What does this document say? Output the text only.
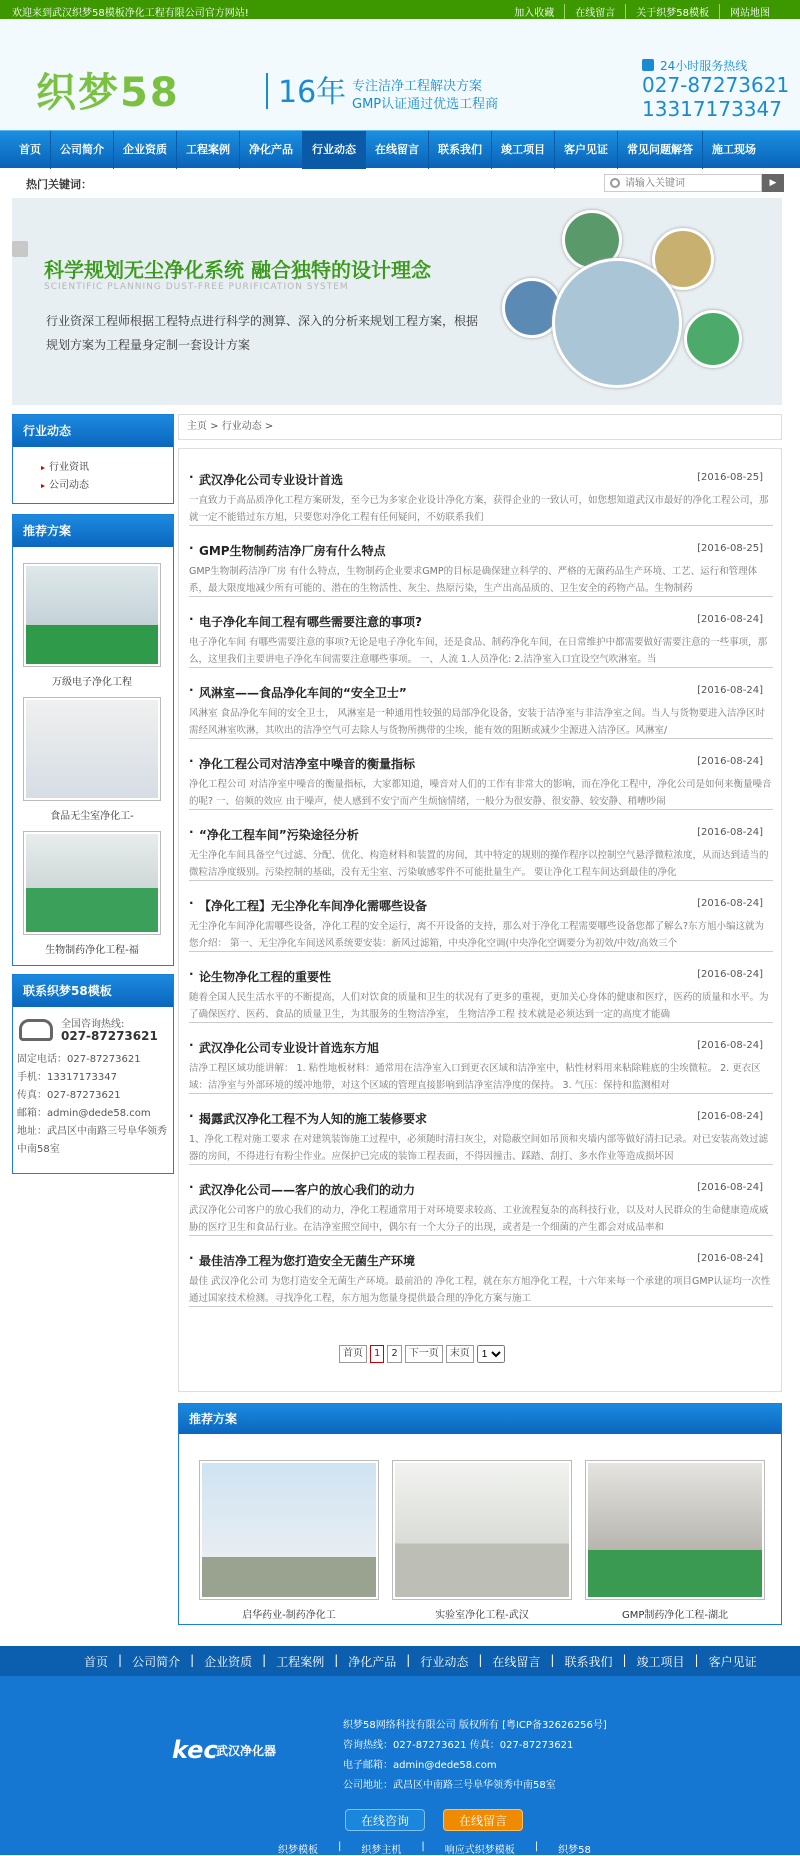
欢迎来到武汉织梦58模板净化工程有限公司官方网站!	加入收藏	在线留言	关于织梦58模板	网站地图
织梦58	16年 专注洁净工程解决方案
GMP认证通过优选工程商
24小时服务热线
027-87273621
13317173347
首页	公司简介	企业资质	工程案例	净化产品	行业动态	在线留言	联系我们	竣工项目	客户见证	常见问题解答	施工现场
热门关键词：
请输入关键词	▶
科学规划无尘净化系统 融合独特的设计理念
SCIENTIFIC PLANNING DUST-FREE PURIFICATION SYSTEM
行业资深工程师根据工程特点进行科学的测算、深入的分析来规划工程方案，根据
规划方案为工程量身定制一套设计方案
行业动态
行业资讯
公司动态
推荐方案
万级电子净化工程
食品无尘室净化工-
生物制药净化工程-福
联系织梦58模板
全国咨询热线:
027-87273621
固定电话：027-87273621
手机：13317173347
传真：027-87273621
邮箱：admin@dede58.com
地址：武昌区中南路三号阜华领秀
中南58室
主页 > 行业动态 >
· 武汉净化公司专业设计首选	[2016-08-25]
一直致力于高品质净化工程方案研发，至今已为多家企业设计净化方案，获得企业的一致认可，如您想知道武汉市最好的净化工程公司，那就一定不能错过东方旭，只要您对净化工程有任何疑问，不妨联系我们
· GMP生物制药洁净厂房有什么特点	[2016-08-25]
GMP生物制药洁净厂房 有什么特点，生物制药企业要求GMP的目标是确保建立科学的、严格的无菌药品生产环境、工艺、运行和管理体系，最大限度地减少所有可能的、潜在的生物活性、灰尘、热原污染，生产出高品质的、卫生安全的药物产品。生物制药
· 电子净化车间工程有哪些需要注意的事项?	[2016-08-24]
电子净化车间 有哪些需要注意的事项?无论是电子净化车间，还是食品、制药净化车间，在日常维护中都需要做好需要注意的一些事项，那么，这里我们主要讲电子净化车间需要注意哪些事项。 一、人流 1.人员净化: 2.洁净室入口宜设空气吹淋室。当
· 风淋室——食品净化车间的“安全卫士”	[2016-08-24]
风淋室 食品净化车间的安全卫士， 风淋室是一种通用性较强的局部净化设备，安装于洁净室与非洁净室之间。当人与货物要进入洁净区时需经风淋室吹淋，其吹出的洁净空气可去除人与货物所携带的尘埃，能有效的阻断或减少尘源进入洁净区。风淋室/
· 净化工程公司对洁净室中噪音的衡量指标	[2016-08-24]
净化工程公司 对洁净室中噪音的衡量指标，大家都知道，噪音对人们的工作有非常大的影响，而在净化工程中，净化公司是如何来衡量噪音的呢? 一、倍频的效应 由于噪声，使人感到不安宁而产生烦恼情绪，一般分为很安静、很安静、较安静、稍嘈吵闹
· “净化工程车间”污染途径分析	[2016-08-24]
无尘净化车间具备空气过滤、分配、优化、构造材料和装置的房间，其中特定的规则的操作程序以控制空气悬浮微粒浓度，从而达到适当的微粒洁净度级别。污染控制的基础，没有无尘室、污染敏感零件不可能批量生产。 要让净化工程车间达到最佳的净化
· 【净化工程】无尘净化车间净化需哪些设备	[2016-08-24]
无尘净化车间净化需哪些设备，净化工程的安全运行，离不开设备的支持，那么对于净化工程需要哪些设备您都了解么?东方旭小编这就为您介绍： 第一、无尘净化车间送风系统要安装：新风过滤箱，中央净化空调(中央净化空调要分为初效/中效/高效三个
· 论生物净化工程的重要性	[2016-08-24]
随着全国人民生活水平的不断提高，人们对饮食的质量和卫生的状况有了更多的重视，更加关心身体的健康和医疗，医药的质量和水平。为了确保医疗、医药、食品的质量卫生，为其服务的生物洁净室， 生物洁净工程 技术就是必须达到一定的高度才能确
· 武汉净化公司专业设计首选东方旭	[2016-08-24]
洁净工程区域功能讲解： 1. 粘性地板材料：通常用在洁净室入口到更衣区域和洁净室中，粘性材料用来粘除鞋底的尘埃微粒。 2. 更衣区域：洁净室与外部环境的缓冲地带，对这个区域的管理直接影响到洁净室洁净度的保持。 3. 气压：保持和监测相对
· 揭露武汉净化工程不为人知的施工装修要求	[2016-08-24]
1、净化工程对施工要求 在对建筑装饰施工过程中，必须随时清扫灰尘，对隐蔽空间如吊顶和夹墙内部等做好清扫记录。对已安装高效过滤器的房间，不得进行有粉尘作业。应保护已完成的装饰工程表面，不得因撞击、踩踏、刮打、多水作业等造成损坏因
· 武汉净化公司——客户的放心我们的动力	[2016-08-24]
武汉净化公司客户的放心我们的动力，净化工程通常用于对环境要求较高、工业流程复杂的高科技行业，以及对人民群众的生命健康造成威胁的医疗卫生和食品行业。在洁净室照空间中，偶尔有一个大分子的出现，或者是一个细菌的产生都会对成品率和
· 最佳洁净工程为您打造安全无菌生产环境	[2016-08-24]
最佳 武汉净化公司 为您打造安全无菌生产环境。最前沿的 净化工程，就在东方旭净化工程，十六年来每一个承建的项目GMP认证均一次性通过国家技术检测。寻找净化工程，东方旭为您量身提供最合理的净化方案与施工
首页	1	2	下一页	末页
1
推荐方案
启华药业-制药净化工	实验室净化工程-武汉	GMP制药净化工程-湖北
首页 | 公司简介 | 企业资质 | 工程案例 | 净化产品 | 行业动态 | 在线留言 | 联系我们 | 竣工项目 | 客户见证
kec
武汉净化器
织梦58网络科技有限公司 版权所有 [粤ICP备32626256号]
咨询热线：027-87273621 传真：027-87273621
电子邮箱：admin@dede58.com
公司地址：武昌区中南路三号阜华领秀中南58室
在线咨询	在线留言
织梦模板	|	织梦主机	|	响应式织梦模板	|	织梦58
